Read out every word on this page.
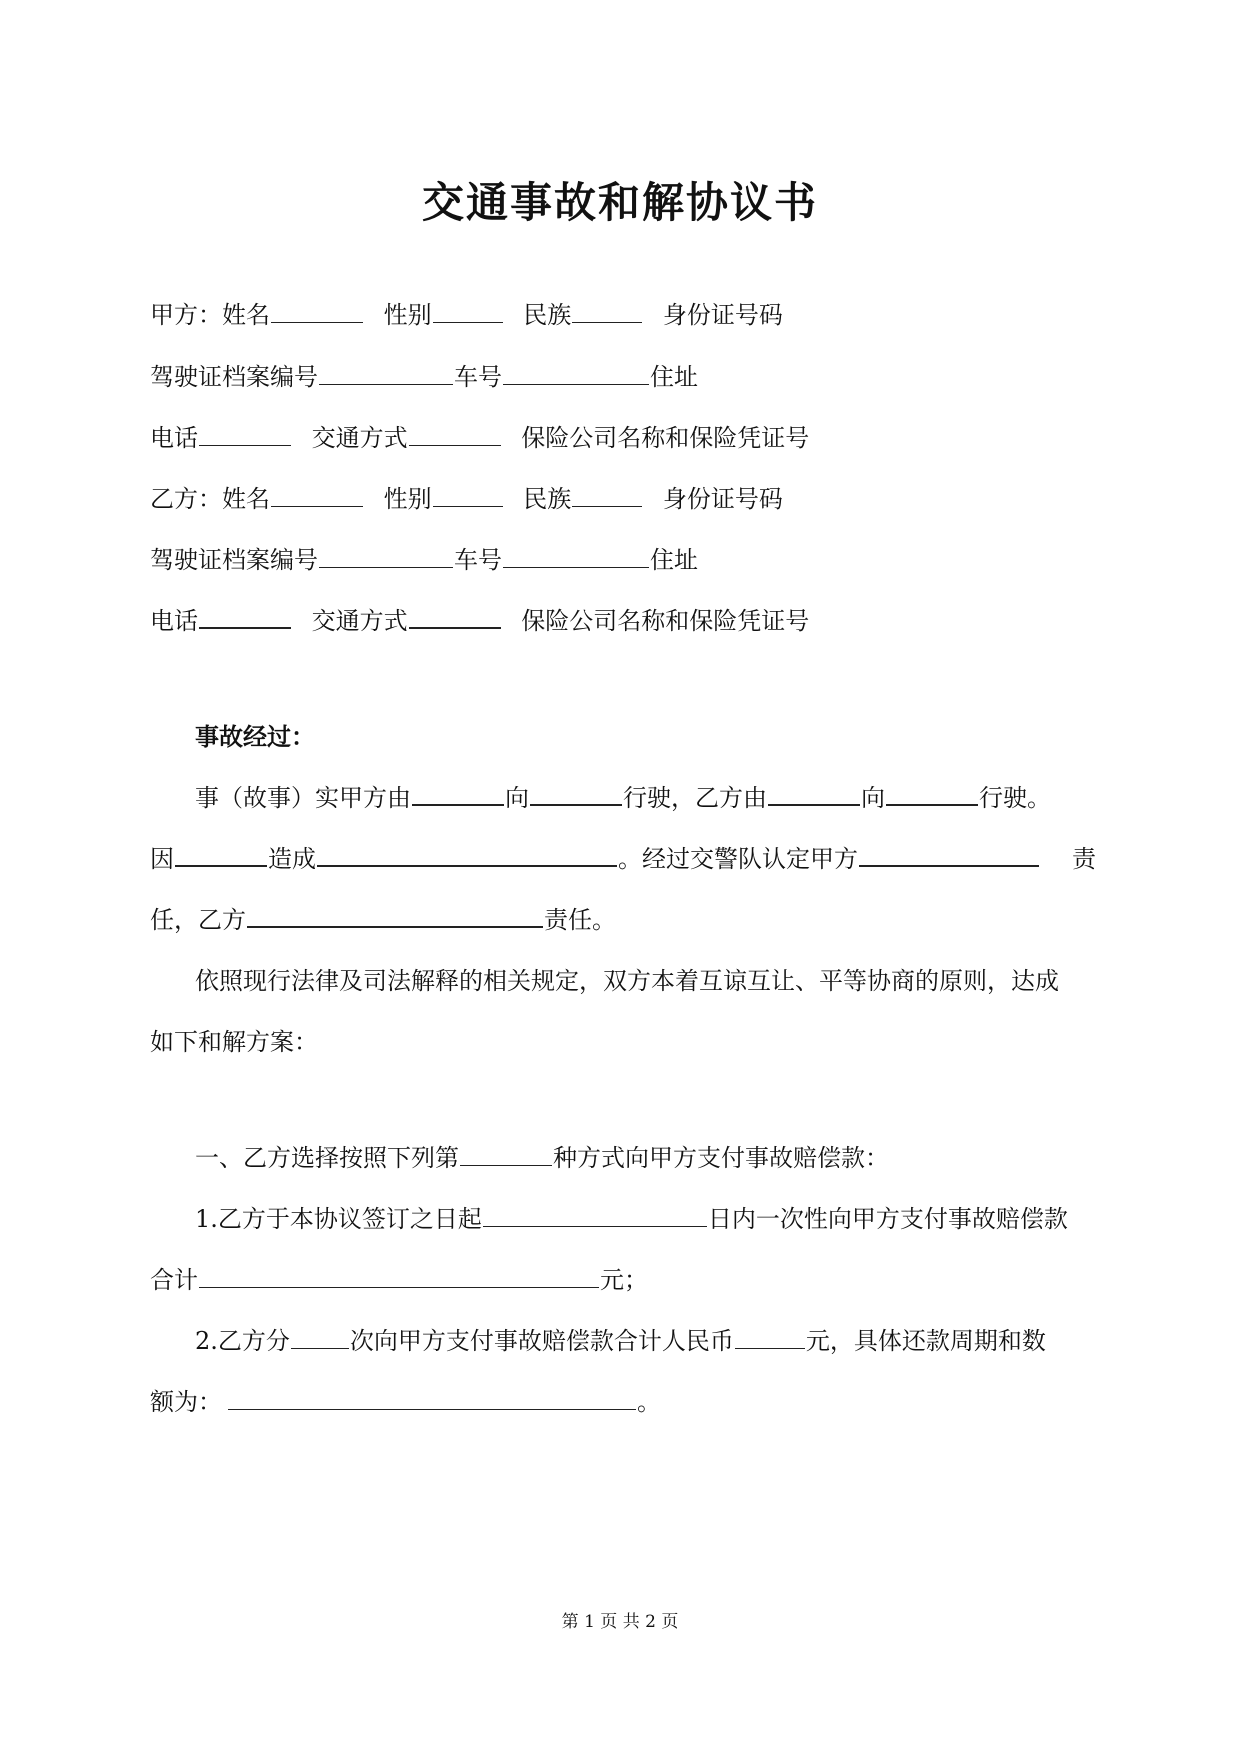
交通事故和解协议书
甲方：姓名	性别	民族	身份证号码
驾驶证档案编号	车号	住址
电话	交通方式	保险公司名称和保险凭证号
乙方：姓名	性别	民族	身份证号码
驾驶证档案编号	车号	住址
电话	交通方式	保险公司名称和保险凭证号
事故经过：
事（故事）实甲方由	向	行驶，乙方由	向	行驶。
因	造成	。经过交警队认定甲方	责
任，乙方	责任。
依照现行法律及司法解释的相关规定，双方本着互谅互让、平等协商的原则，达成
如下和解方案：
一、乙方选择按照下列第	种方式向甲方支付事故赔偿款：
1.乙方于本协议签订之日起	日内一次性向甲方支付事故赔偿款
合计	元；
2.乙方分	次向甲方支付事故赔偿款合计人民币	元，具体还款周期和数
额为：	。
第 1 页 共 2 页
